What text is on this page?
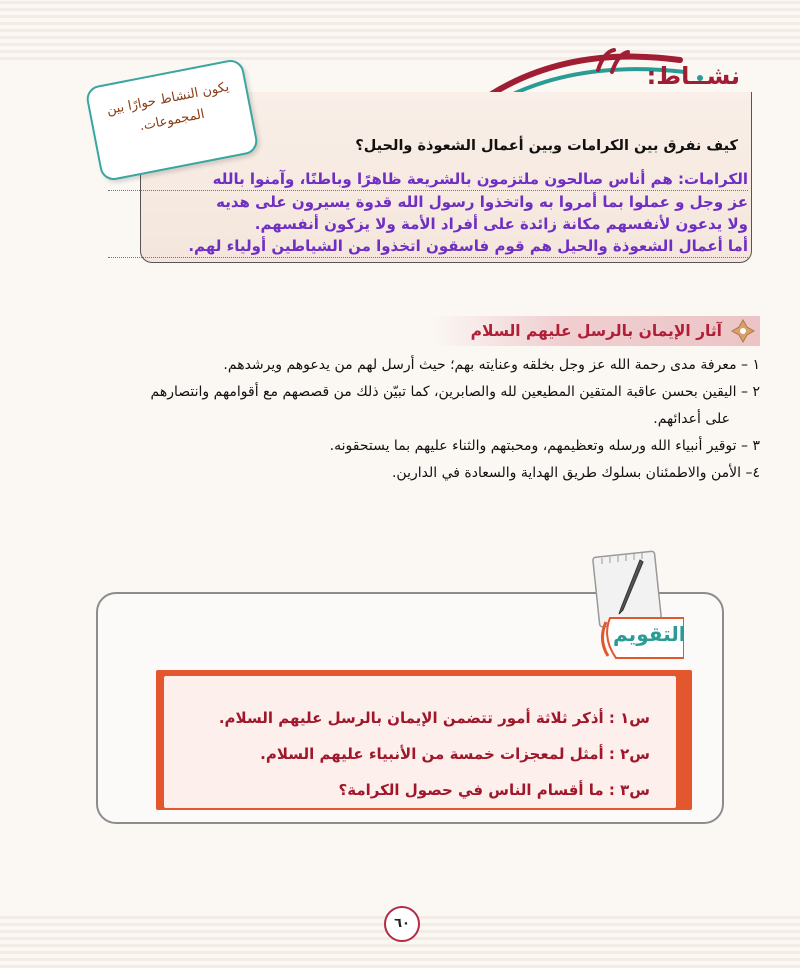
نشــاط:
يكون النشاط حوارًا بين المجموعات.
كيف نفرق بين الكرامات وبين أعمال الشعوذة والحيل؟

الكرامات: هم أناس صالحون ملتزمون بالشريعة ظاهرًا وباطنًا، وآمنوا بالله

عز وجل و عملوا بما أمروا به واتخذوا رسول الله قدوة يسيرون على هديه

ولا يدعون لأنفسهم مكانة زائدة على أفراد الأمة ولا يزكون أنفسهم.

أما أعمال الشعوذة والحيل هم قوم فاسقون اتخذوا من الشياطين أولياء لهم.

آثار الإيمان بالرسل عليهم السلام

١ – معرفة مدى رحمة الله عز وجل بخلقه وعنايته بهم؛ حيث أرسل لهم من يدعوهم ويرشدهم.

٢ – اليقين بحسن عاقبة المتقين المطيعين لله والصابرين، كما تبيّن ذلك من قصصهم مع أقوامهم وانتصارهم

على أعدائهم.

٣ – توقير أنبياء الله ورسله وتعظيمهم، ومحبتهم والثناء عليهم بما يستحقونه.

٤– الأمن والاطمئنان بسلوك طريق الهداية والسعادة في الدارين.

التقويم

س١ : أذكر ثلاثة أمور تتضمن الإيمان بالرسل عليهم السلام.

س٢ : أمثل لمعجزات خمسة من الأنبياء عليهم السلام.

س٣ : ما أقسام الناس في حصول الكرامة؟

٦٠
